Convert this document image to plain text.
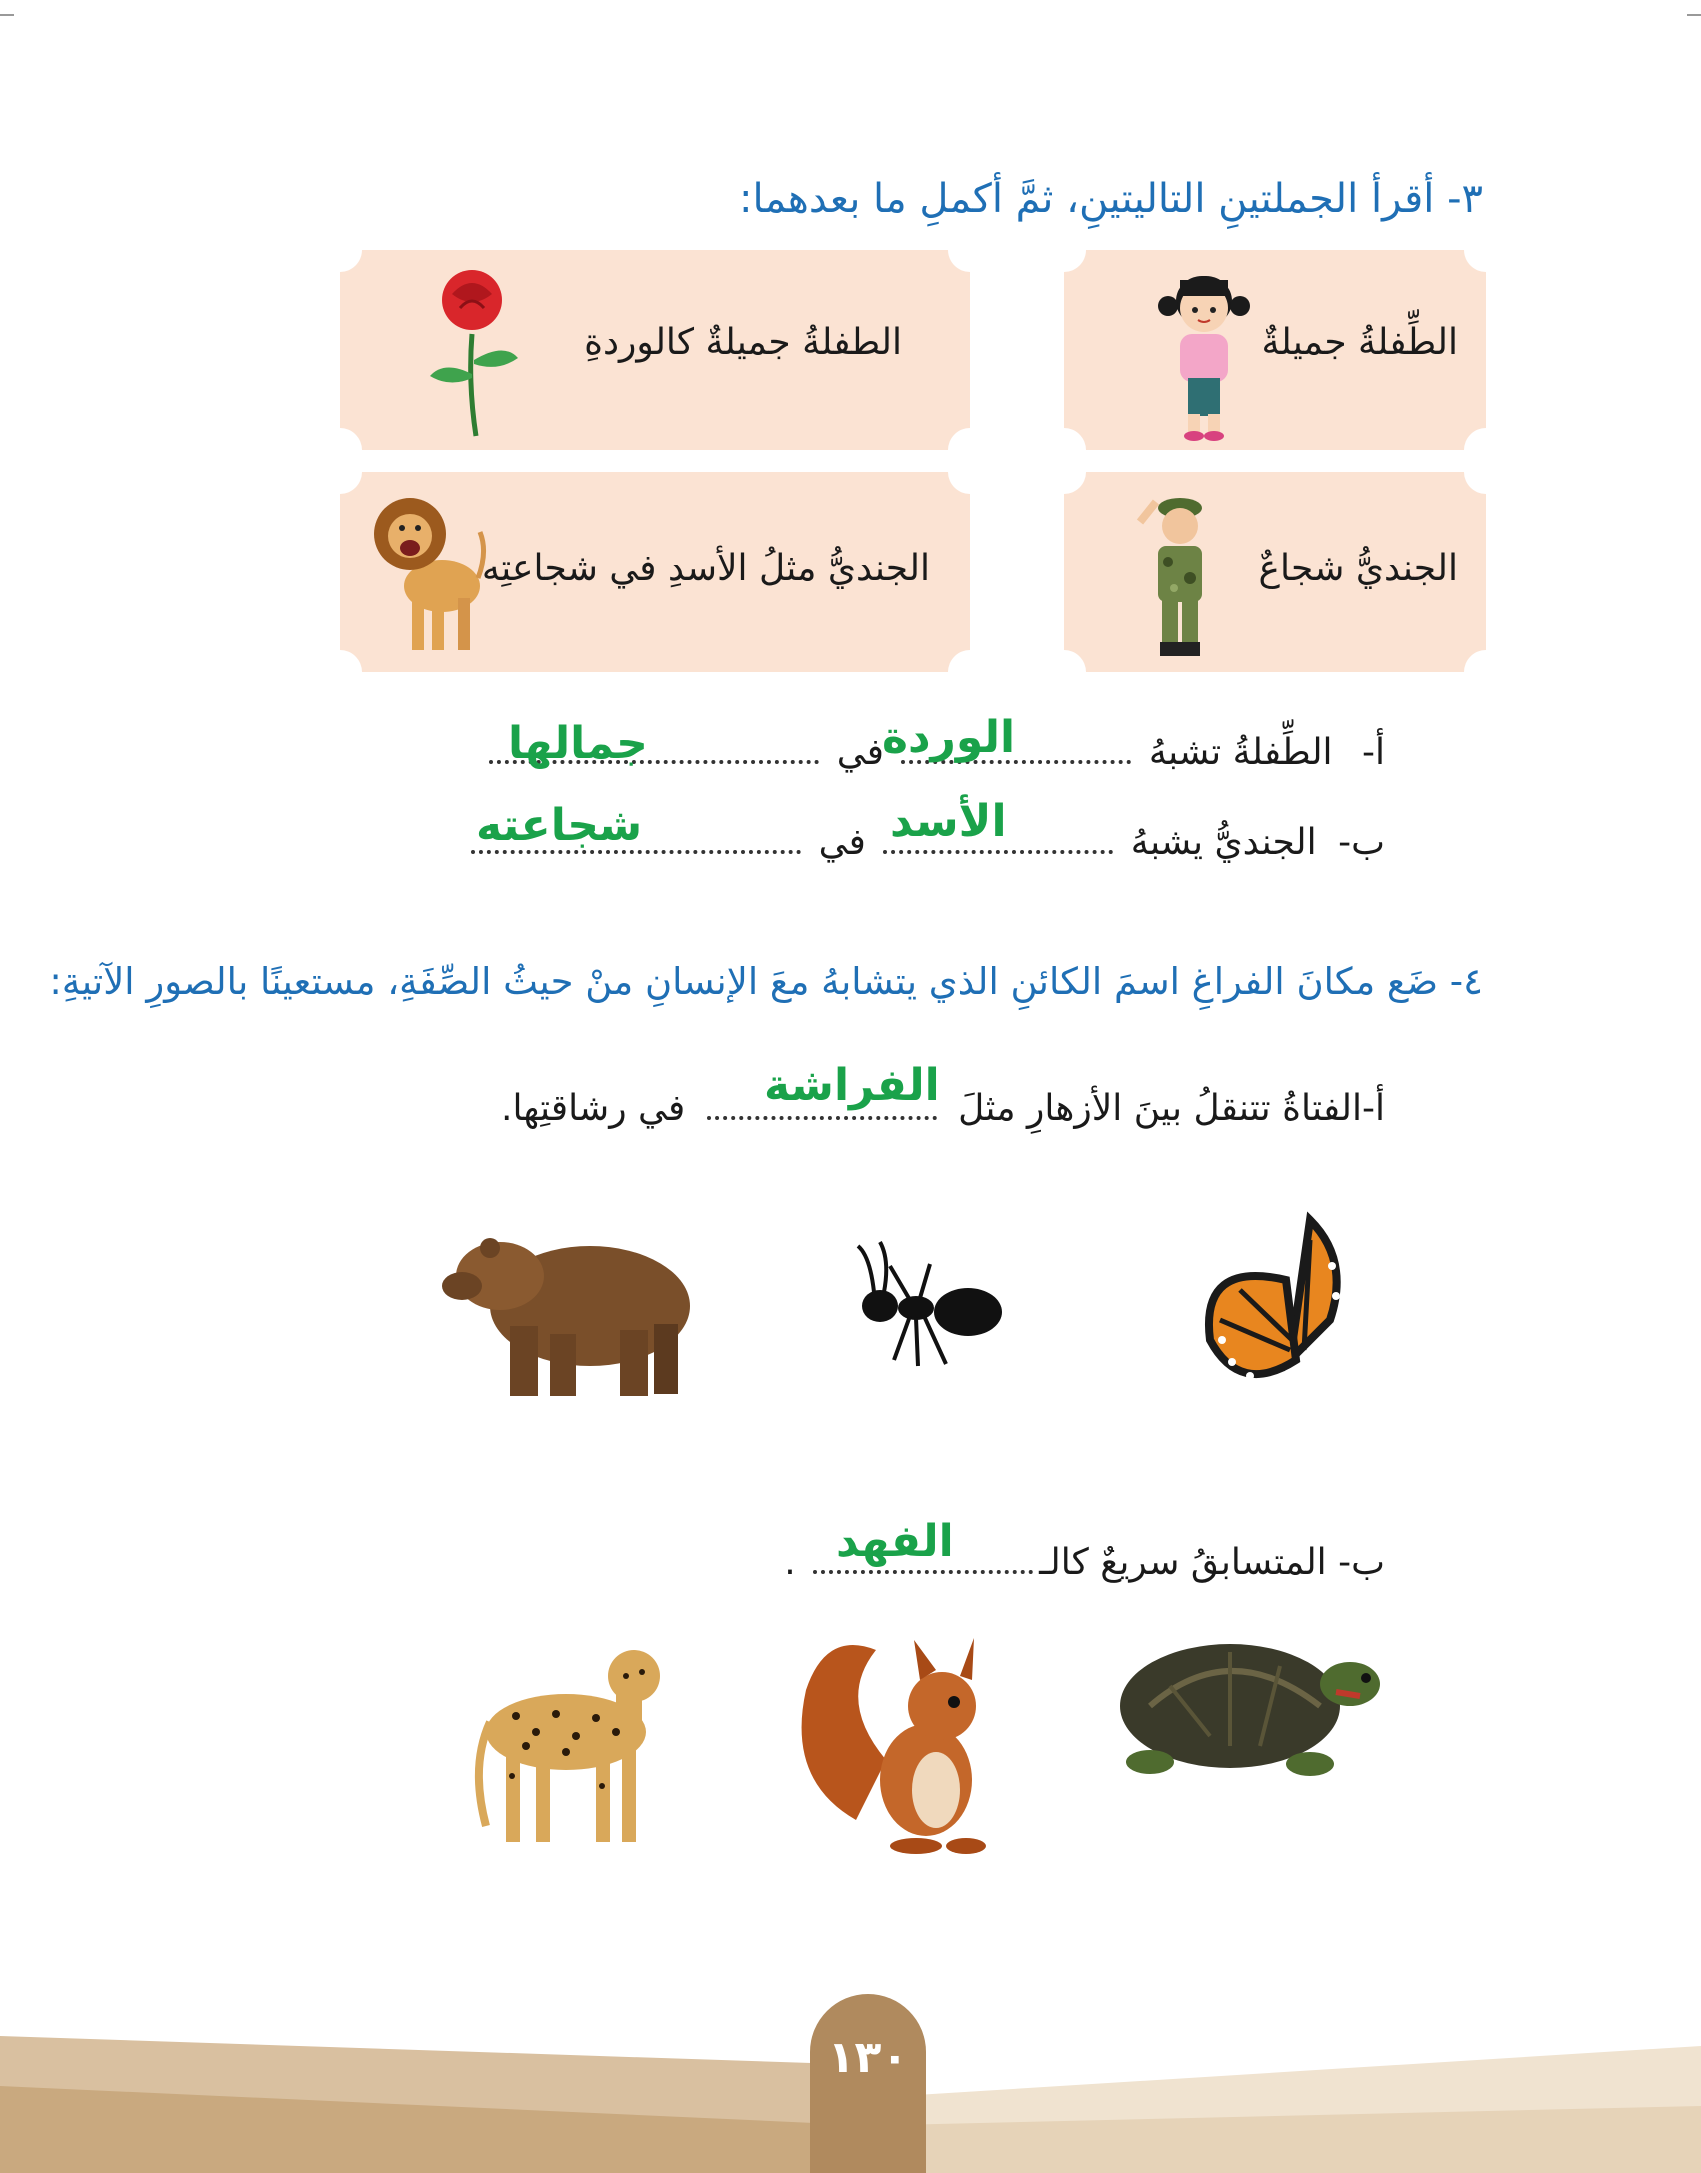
٣- أقرأ الجملتينِ التاليتينِ، ثمَّ أكملِ ما بعدهما:
الطِّفلةُ جميلةٌ
الطفلةُ جميلةٌ كالوردةِ
الجنديُّ شجاعٌ
الجنديُّ مثلُ الأسدِ في شجاعتِه
أ- الطِّفلةُ تشبهُ  في
الوردة
جمالها
ب- الجنديُّ يشبهُ  في الأسد
شجاعته
٤- ضَع مكانَ الفراغِ اسمَ الكائنِ الذي يتشابهُ معَ الإنسانِ منْ حيثُ الصِّفَةِ، مستعينًا بالصورِ الآتيةِ:
أ-الفتاةُ تتنقلُ بينَ الأزهارِ مثلَ  في رشاقتِها.	الفراشة
ب- المتسابقُ سريعٌ كالـ . الفهد
١٣٠
